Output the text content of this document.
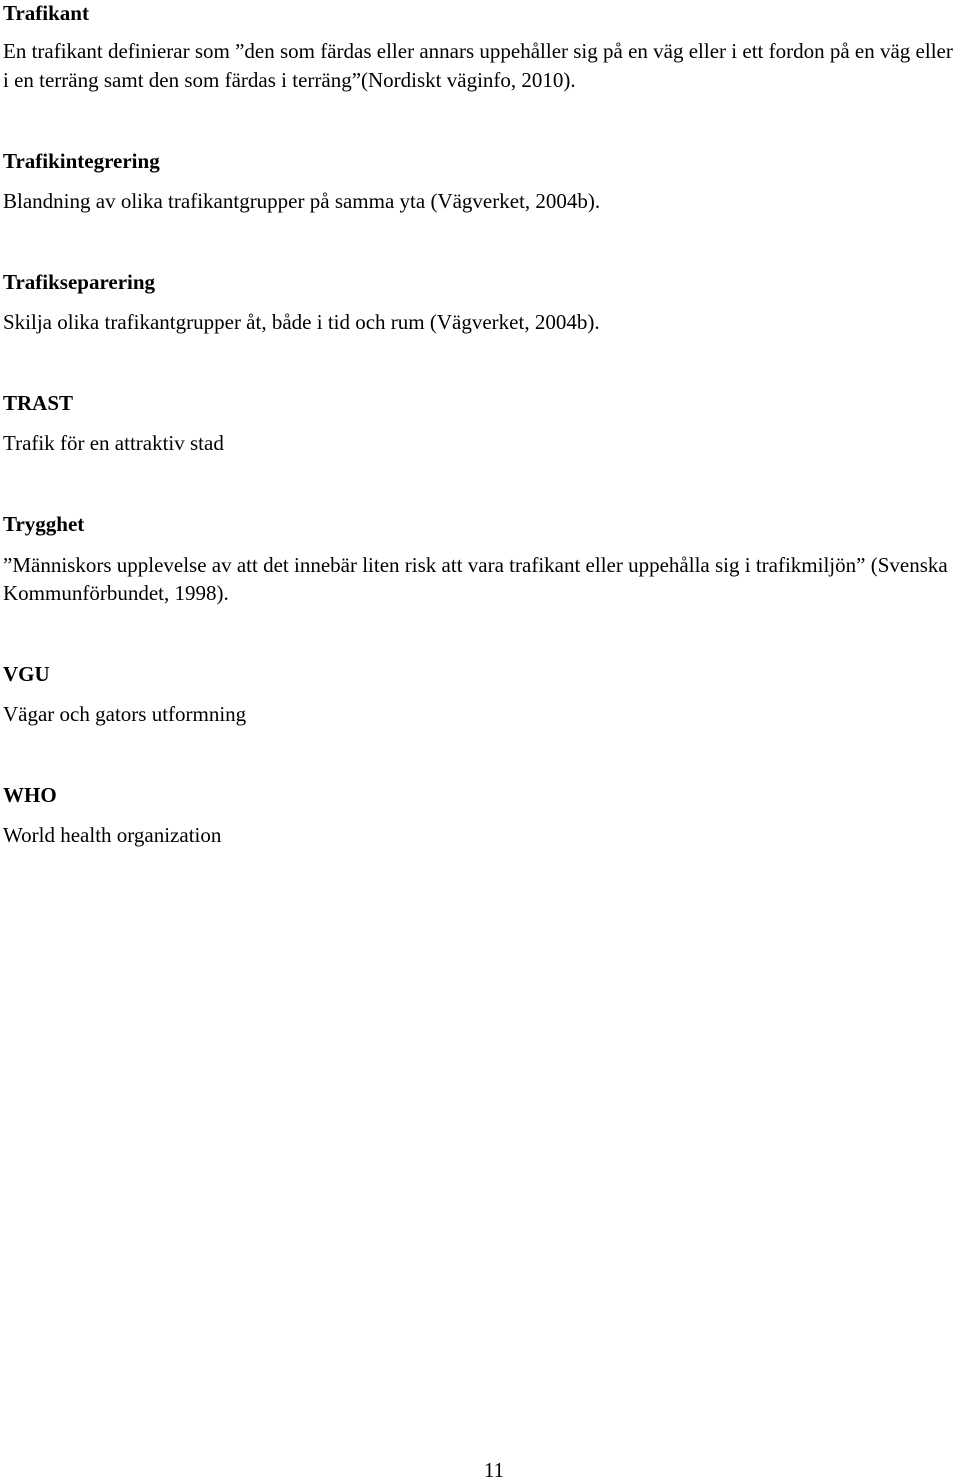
Trafikant

En trafikant definierar som ”den som färdas eller annars uppehåller sig på en väg eller i ett fordon på en väg eller i en terräng samt den som färdas i terräng”(Nordiskt väginfo, 2010).

Trafikintegrering

Blandning av olika trafikantgrupper på samma yta (Vägverket, 2004b).

Trafikseparering

Skilja olika trafikantgrupper åt, både i tid och rum (Vägverket, 2004b).

TRAST

Trafik för en attraktiv stad

Trygghet

”Människors upplevelse av att det innebär liten risk att vara trafikant eller uppehålla sig i trafikmiljön” (Svenska Kommunförbundet, 1998).

VGU

Vägar och gators utformning

WHO

World health organization

11
